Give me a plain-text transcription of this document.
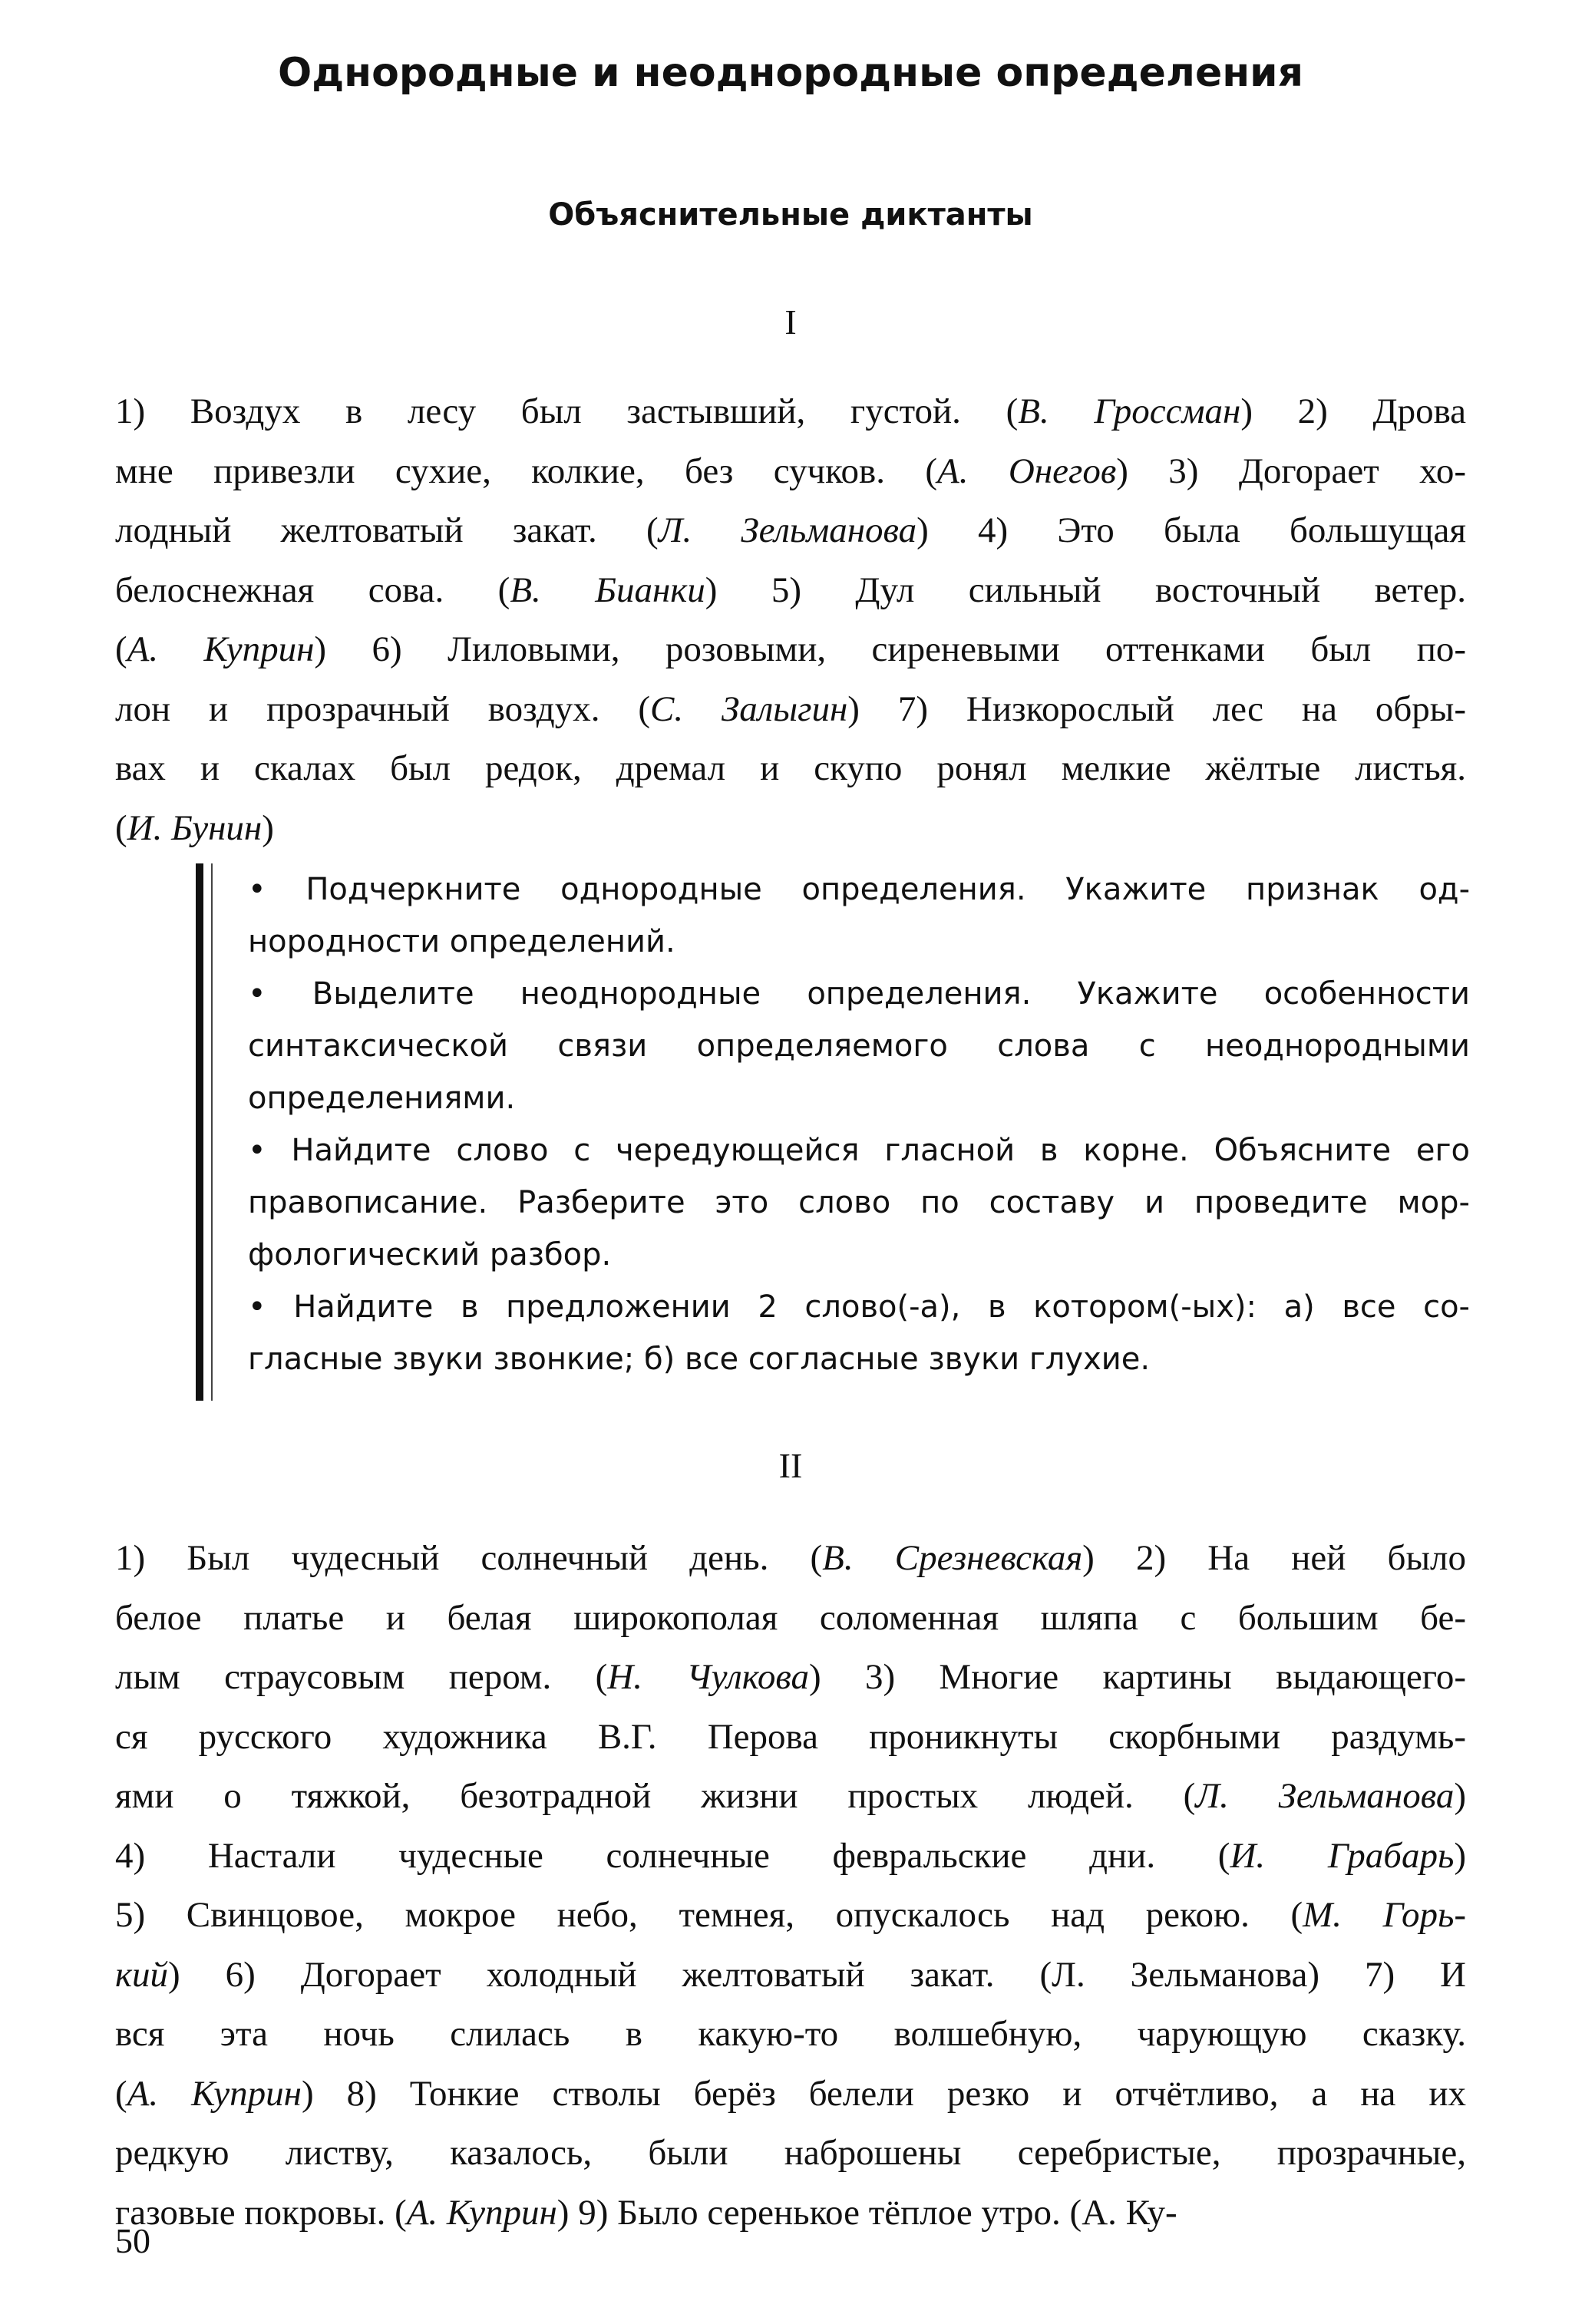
Однородные и неоднородные определения
Объяснительные диктанты
I
1) Воздух в лесу был застывший, густой. (В. Гроссман) 2) Дрова
мне привезли сухие, колкие, без сучков. (А. Онегов) 3) Догорает хо-
лодный желтоватый закат. (Л. Зельманова) 4) Это была большущая
белоснежная сова. (В. Бианки) 5) Дул сильный восточный ветер.
(А. Куприн) 6) Лиловыми, розовыми, сиреневыми оттенками был по-
лон и прозрачный воздух. (С. Залыгин) 7) Низкорослый лес на обры-
вах и скалах был редок, дремал и скупо ронял мелкие жёлтые листья.
(И. Бунин)
• Подчеркните однородные определения. Укажите признак од-
нородности определений.
• Выделите неоднородные определения. Укажите особенности
синтаксической связи определяемого слова с неоднородными
определениями.
• Найдите слово с чередующейся гласной в корне. Объясните его
правописание. Разберите это слово по составу и проведите мор-
фологический разбор.
• Найдите в предложении 2 слово(-а), в котором(-ых): а) все со-
гласные звуки звонкие; б) все согласные звуки глухие.
II
1) Был чудесный солнечный день. (В. Срезневская) 2) На ней было
белое платье и белая широкополая соломенная шляпа с большим бе-
лым страусовым пером. (Н. Чулкова) 3) Многие картины выдающего-
ся русского художника В.Г. Перова проникнуты скорбными раздумь-
ями о тяжкой, безотрадной жизни простых людей. (Л. Зельманова)
4) Настали чудесные солнечные февральские дни. (И. Грабарь)
5) Свинцовое, мокрое небо, темнея, опускалось над рекою. (М. Горь-
кий) 6) Догорает холодный желтоватый закат. (Л. Зельманова) 7) И
вся эта ночь слилась в какую-то волшебную, чарующую сказку.
(А. Куприн) 8) Тонкие стволы берёз белели резко и отчётливо, а на их
редкую листву, казалось, были наброшены серебристые, прозрачные,
газовые покровы. (А. Куприн) 9) Было серенькое тёплое утро. (А. Ку-
50
